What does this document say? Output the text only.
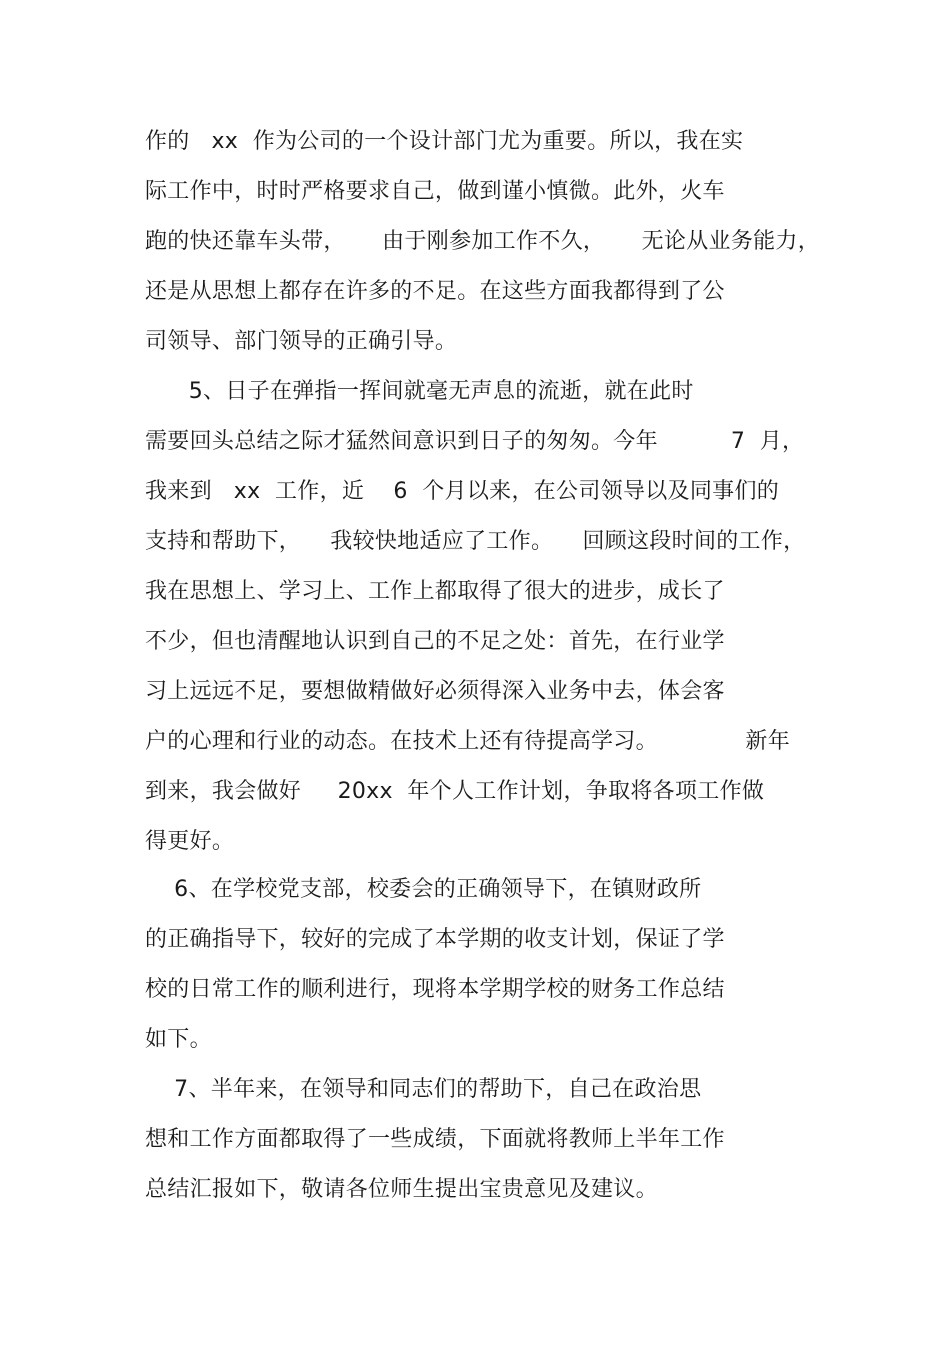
作的   xx  作为公司的一个设计部门尤为重要。所以，我在实

际工作中，时时严格要求自己，做到谨小慎微。此外，火车

跑的快还靠车头带，     由于刚参加工作不久，     无论从业务能力，

还是从思想上都存在许多的不足。在这些方面我都得到了公

司领导、部门领导的正确引导。

5、日子在弹指一挥间就毫无声息的流逝，就在此时

需要回头总结之际才猛然间意识到日子的匆匆。今年          7  月，

我来到   xx  工作，近    6  个月以来，在公司领导以及同事们的

支持和帮助下，    我较快地适应了工作。    回顾这段时间的工作，

我在思想上、学习上、工作上都取得了很大的进步，成长了

不少，但也清醒地认识到自己的不足之处：首先，在行业学

习上远远不足，要想做精做好必须得深入业务中去，体会客

户的心理和行业的动态。在技术上还有待提高学习。            新年

到来，我会做好     20xx  年个人工作计划，争取将各项工作做

得更好。

6、在学校党支部，校委会的正确领导下，在镇财政所

的正确指导下，较好的完成了本学期的收支计划，保证了学

校的日常工作的顺利进行，现将本学期学校的财务工作总结

如下。

7、半年来，在领导和同志们的帮助下，自己在政治思

想和工作方面都取得了一些成绩，下面就将教师上半年工作

总结汇报如下，敬请各位师生提出宝贵意见及建议。
